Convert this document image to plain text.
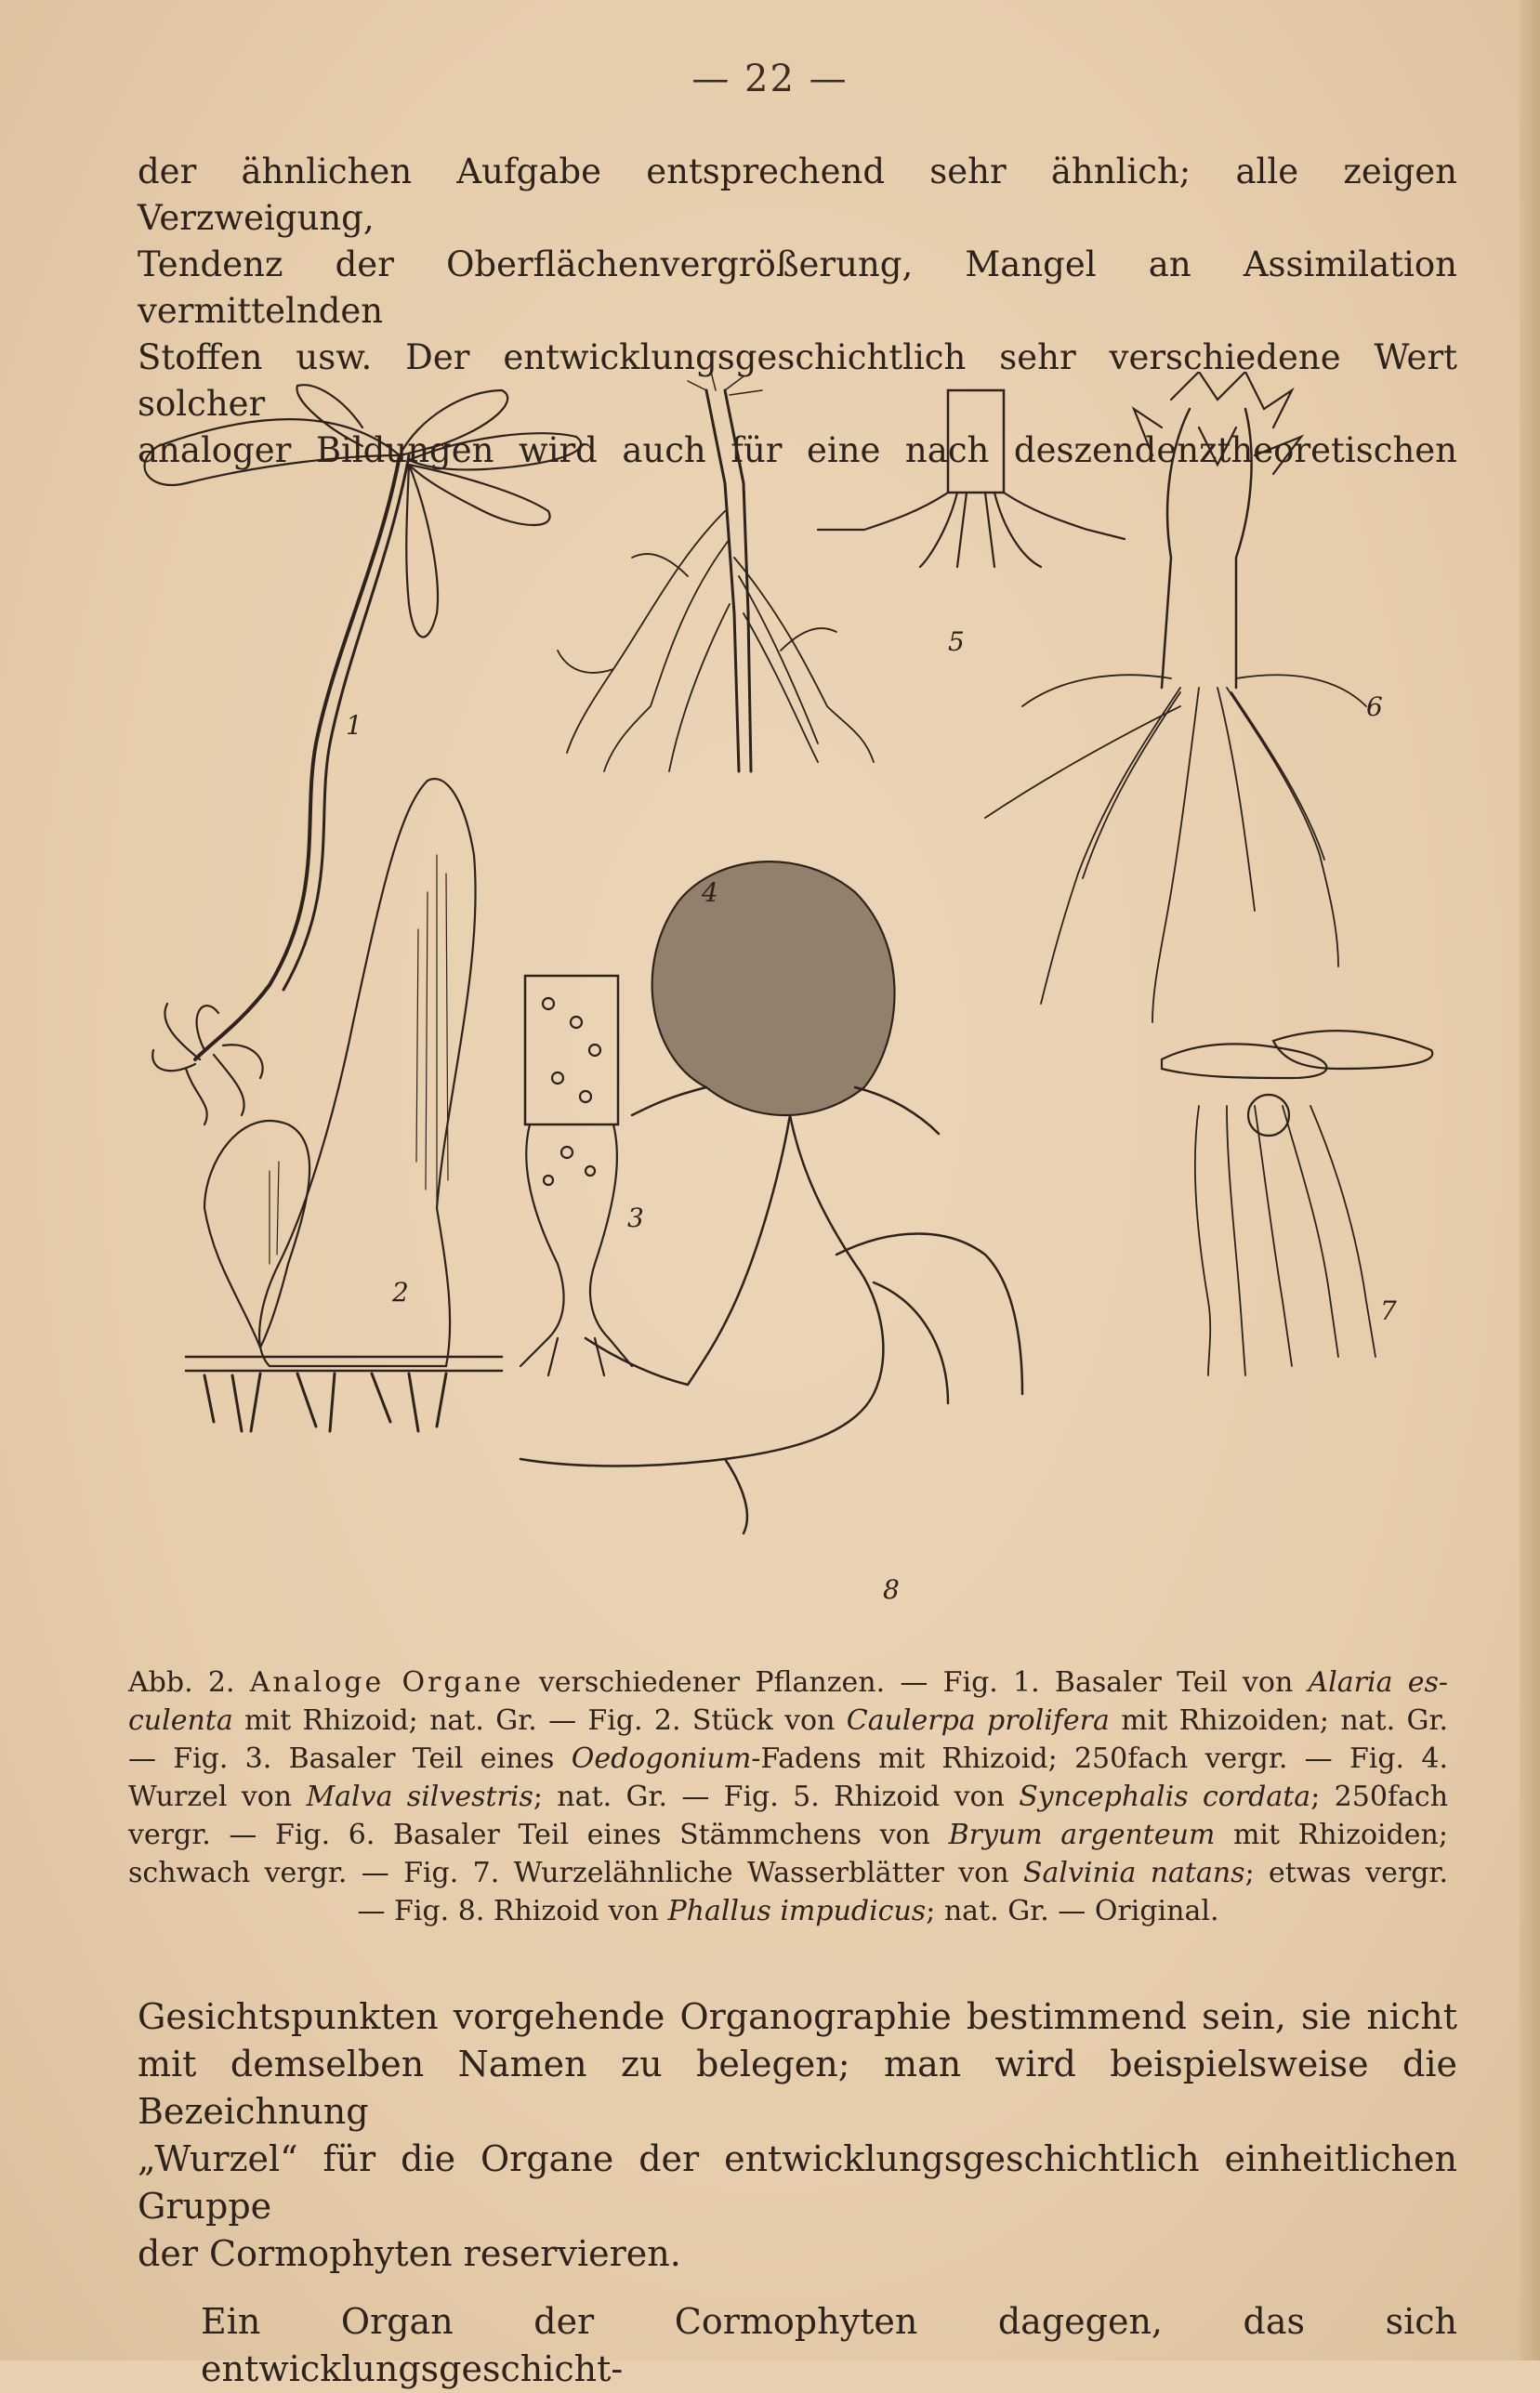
— 22 —
der ähnlichen Aufgabe entsprechend sehr ähnlich; alle zeigen Verzweigung,
Tendenz der Oberflächenvergrößerung, Mangel an Assimilation vermittelnden
Stoffen usw. Der entwicklungsgeschichtlich sehr verschiedene Wert solcher
analoger Bildungen wird auch für eine nach deszendenztheoretischen
1
2
3
4
5
6
7
8
Abb. 2. Analoge Organe verschiedener Pflanzen. — Fig. 1. Basaler Teil von Alaria es-
culenta mit Rhizoid; nat. Gr. — Fig. 2. Stück von Caulerpa prolifera mit Rhizoiden; nat. Gr.
— Fig. 3. Basaler Teil eines Oedogonium-Fadens mit Rhizoid; 250fach vergr. — Fig. 4.
Wurzel von Malva silvestris; nat. Gr. — Fig. 5. Rhizoid von Syncephalis cordata; 250fach
vergr. — Fig. 6. Basaler Teil eines Stämmchens von Bryum argenteum mit Rhizoiden;
schwach vergr. — Fig. 7. Wurzelähnliche Wasserblätter von Salvinia natans; etwas vergr.
— Fig. 8. Rhizoid von Phallus impudicus; nat. Gr. — Original.
Gesichtspunkten vorgehende Organographie bestimmend sein, sie nicht
mit demselben Namen zu belegen; man wird beispielsweise die Bezeichnung
„Wurzel“ für die Organe der entwicklungsgeschichtlich einheitlichen Gruppe
der Cormophyten reservieren.

Ein Organ der Cormophyten dagegen, das sich entwicklungsgeschicht-
